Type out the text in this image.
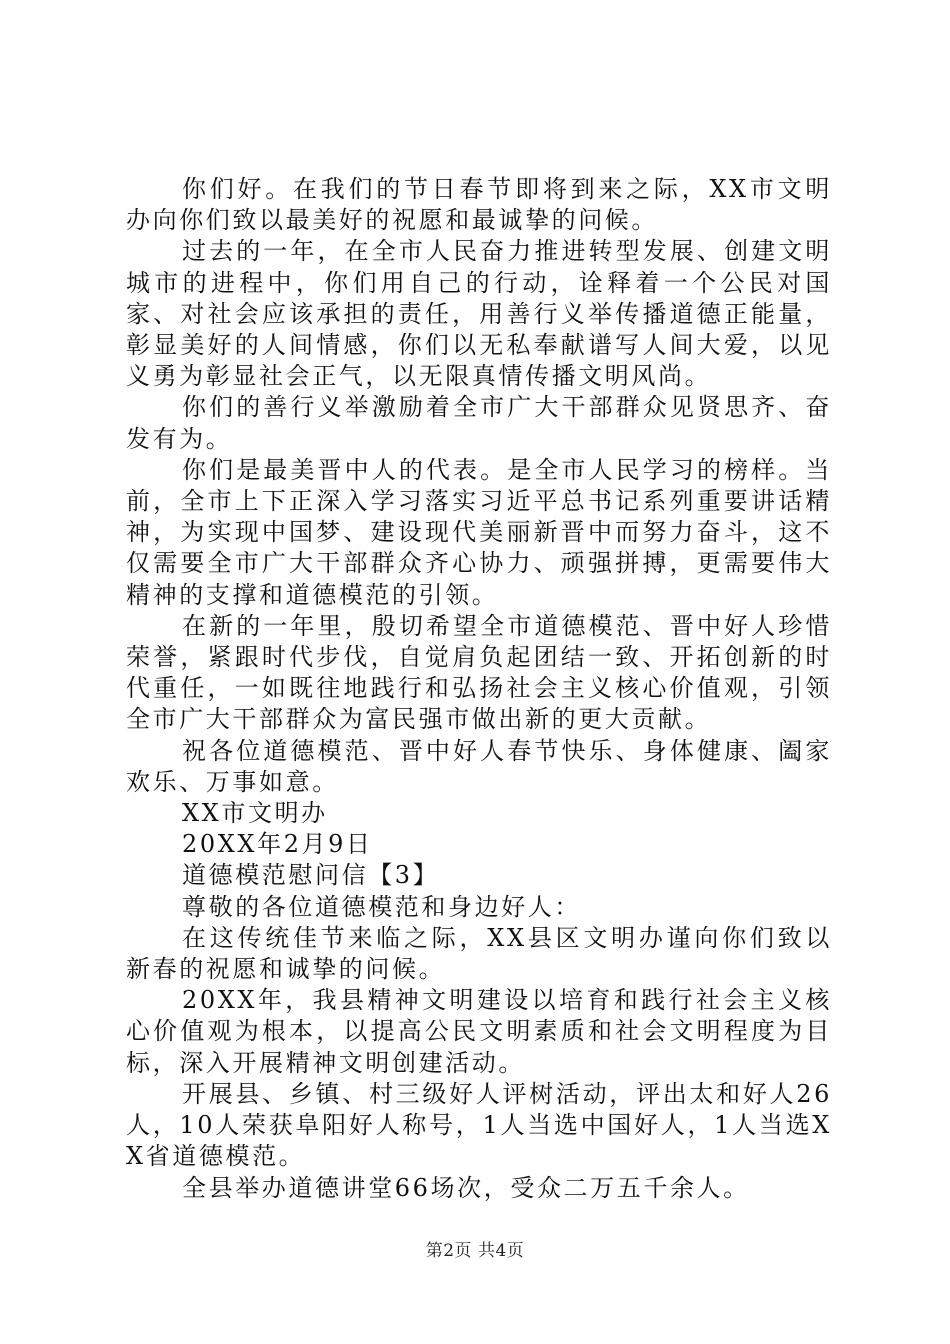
你们好。在我们的节日春节即将到来之际，XX市文明办向你们致以最美好的祝愿和最诚挚的问候。

过去的一年，在全市人民奋力推进转型发展、创建文明城市的进程中，你们用自己的行动，诠释着一个公民对国家、对社会应该承担的责任，用善行义举传播道德正能量，彰显美好的人间情感，你们以无私奉献谱写人间大爱，以见义勇为彰显社会正气，以无限真情传播文明风尚。

你们的善行义举激励着全市广大干部群众见贤思齐、奋发有为。

你们是最美晋中人的代表。是全市人民学习的榜样。当前，全市上下正深入学习落实习近平总书记系列重要讲话精神，为实现中国梦、建设现代美丽新晋中而努力奋斗，这不仅需要全市广大干部群众齐心协力、顽强拼搏，更需要伟大精神的支撑和道德模范的引领。

在新的一年里，殷切希望全市道德模范、晋中好人珍惜荣誉，紧跟时代步伐，自觉肩负起团结一致、开拓创新的时代重任，一如既往地践行和弘扬社会主义核心价值观，引领全市广大干部群众为富民强市做出新的更大贡献。

祝各位道德模范、晋中好人春节快乐、身体健康、阖家欢乐、万事如意。

XX市文明办

20XX年2月9日

道德模范慰问信【3】

尊敬的各位道德模范和身边好人：

在这传统佳节来临之际，XX县区文明办谨向你们致以新春的祝愿和诚挚的问候。

20XX年，我县精神文明建设以培育和践行社会主义核心价值观为根本，以提高公民文明素质和社会文明程度为目标，深入开展精神文明创建活动。

开展县、乡镇、村三级好人评树活动，评出太和好人26人，10人荣获阜阳好人称号，1人当选中国好人，1人当选XX省道德模范。

全县举办道德讲堂66场次，受众二万五千余人。

第2页 共4页
